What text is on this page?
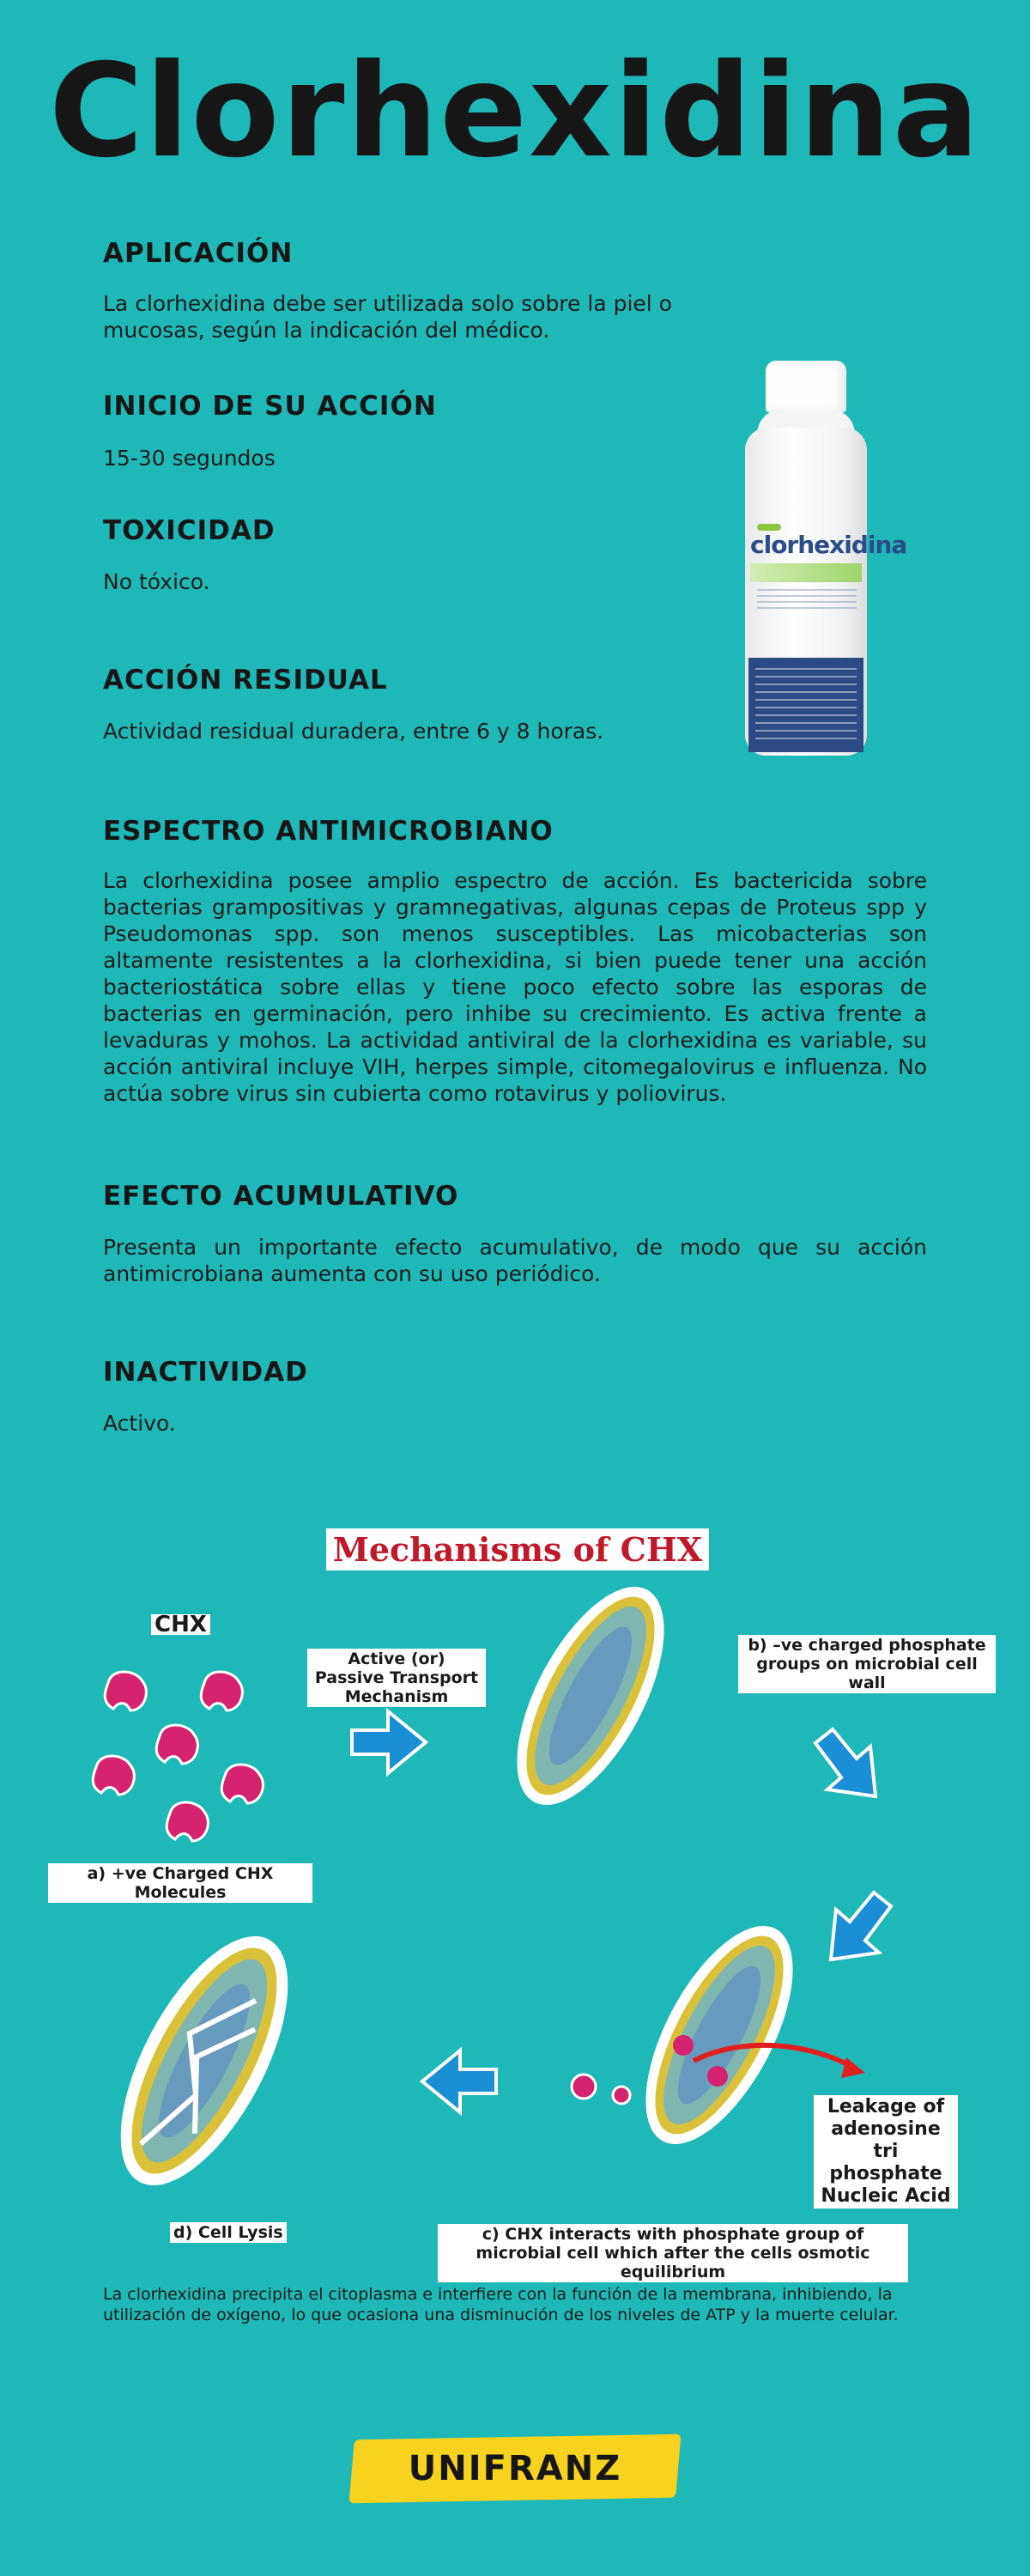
Clorhexidina
APLICACIÓN

La clorhexidina debe ser utilizada solo sobre la piel o mucosas, según la indicación del médico.

INICIO DE SU ACCIÓN

15-30 segundos

TOXICIDAD

No tóxico.

ACCIÓN RESIDUAL

Actividad residual duradera, entre 6 y 8 horas.

ESPECTRO ANTIMICROBIANO

La clorhexidina posee amplio espectro de acción. Es bactericida sobre bacterias grampositivas y gramnegativas, algunas cepas de Proteus spp y Pseudomonas spp. son menos susceptibles. Las micobacterias son altamente resistentes a la clorhexidina, si bien puede tener una acción bacteriostática sobre ellas y tiene poco efecto sobre las esporas de bacterias en germinación, pero inhibe su crecimiento. Es activa frente a levaduras y mohos. La actividad antiviral de la clorhexidina es variable, su acción antiviral incluye VIH, herpes simple, citomegalovirus e influenza. No actúa sobre virus sin cubierta como rotavirus y poliovirus.

EFECTO ACUMULATIVO

Presenta un importante efecto acumulativo, de modo que su acción antimicrobiana aumenta con su uso periódico.

INACTIVIDAD

Activo.

clorhexidina
Mechanisms of CHX
CHX
Active (or) Passive Transport Mechanism
a) +ve Charged CHX Molecules
b) –ve charged phosphate groups on microbial cell wall
Leakage of adenosine tri phosphate Nucleic Acid
d) Cell Lysis	c) CHX interacts with phosphate group of microbial cell which after the cells osmotic equilibrium
La clorhexidina precipita el citoplasma e interfiere con la función de la membrana, inhibiendo, la utilización de oxígeno, lo que ocasiona una disminución de los niveles de ATP y la muerte celular.
UNIFRANZ
